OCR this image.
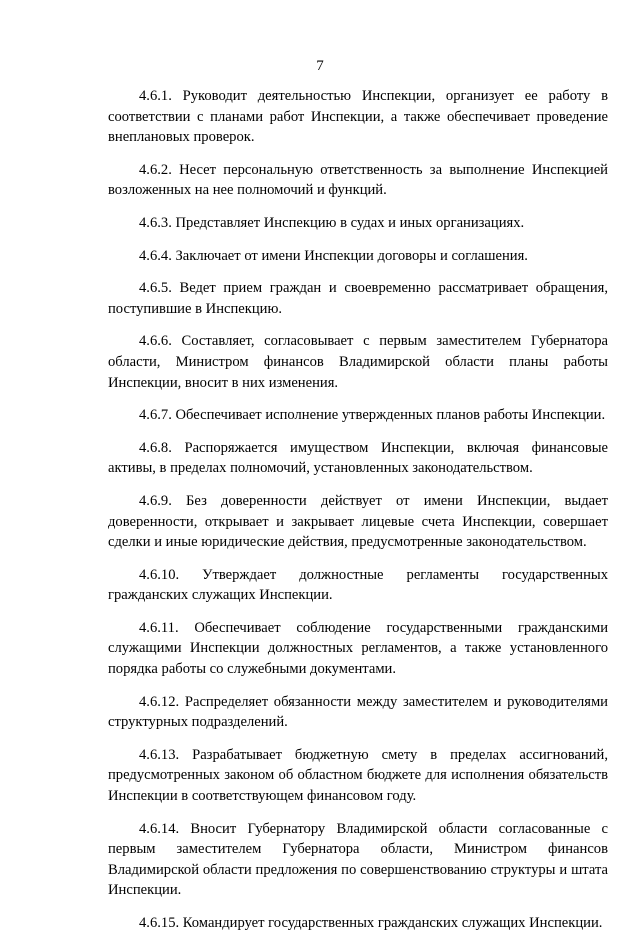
7

4.6.1. Руководит деятельностью Инспекции, организует ее работу в соответствии с планами работ Инспекции, а также обеспечивает проведение внеплановых проверок.

4.6.2. Несет персональную ответственность за выполнение Инспекцией возложенных на нее полномочий и функций.

4.6.3. Представляет Инспекцию в судах и иных организациях.

4.6.4. Заключает от имени Инспекции договоры и соглашения.

4.6.5. Ведет прием граждан и своевременно рассматривает обращения, поступившие в Инспекцию.

4.6.6. Составляет, согласовывает с первым заместителем Губернатора области, Министром финансов Владимирской области планы работы Инспекции, вносит в них изменения.

4.6.7. Обеспечивает исполнение утвержденных планов работы Инспекции.

4.6.8. Распоряжается имуществом Инспекции, включая финансовые активы, в пределах полномочий, установленных законодательством.

4.6.9. Без доверенности действует от имени Инспекции, выдает доверенности, открывает и закрывает лицевые счета Инспекции, совершает сделки и иные юридические действия, предусмотренные законодательством.

4.6.10. Утверждает должностные регламенты государственных гражданских служащих Инспекции.

4.6.11. Обеспечивает соблюдение государственными гражданскими служащими Инспекции должностных регламентов, а также установленного порядка работы со служебными документами.

4.6.12. Распределяет обязанности между заместителем и руководителями структурных подразделений.

4.6.13. Разрабатывает бюджетную смету в пределах ассигнований, предусмотренных законом об областном бюджете для исполнения обязательств Инспекции в соответствующем финансовом году.

4.6.14. Вносит Губернатору Владимирской области согласованные с первым заместителем Губернатора области, Министром финансов Владимирской области предложения по совершенствованию структуры и штата Инспекции.

4.6.15. Командирует государственных гражданских служащих Инспекции.
